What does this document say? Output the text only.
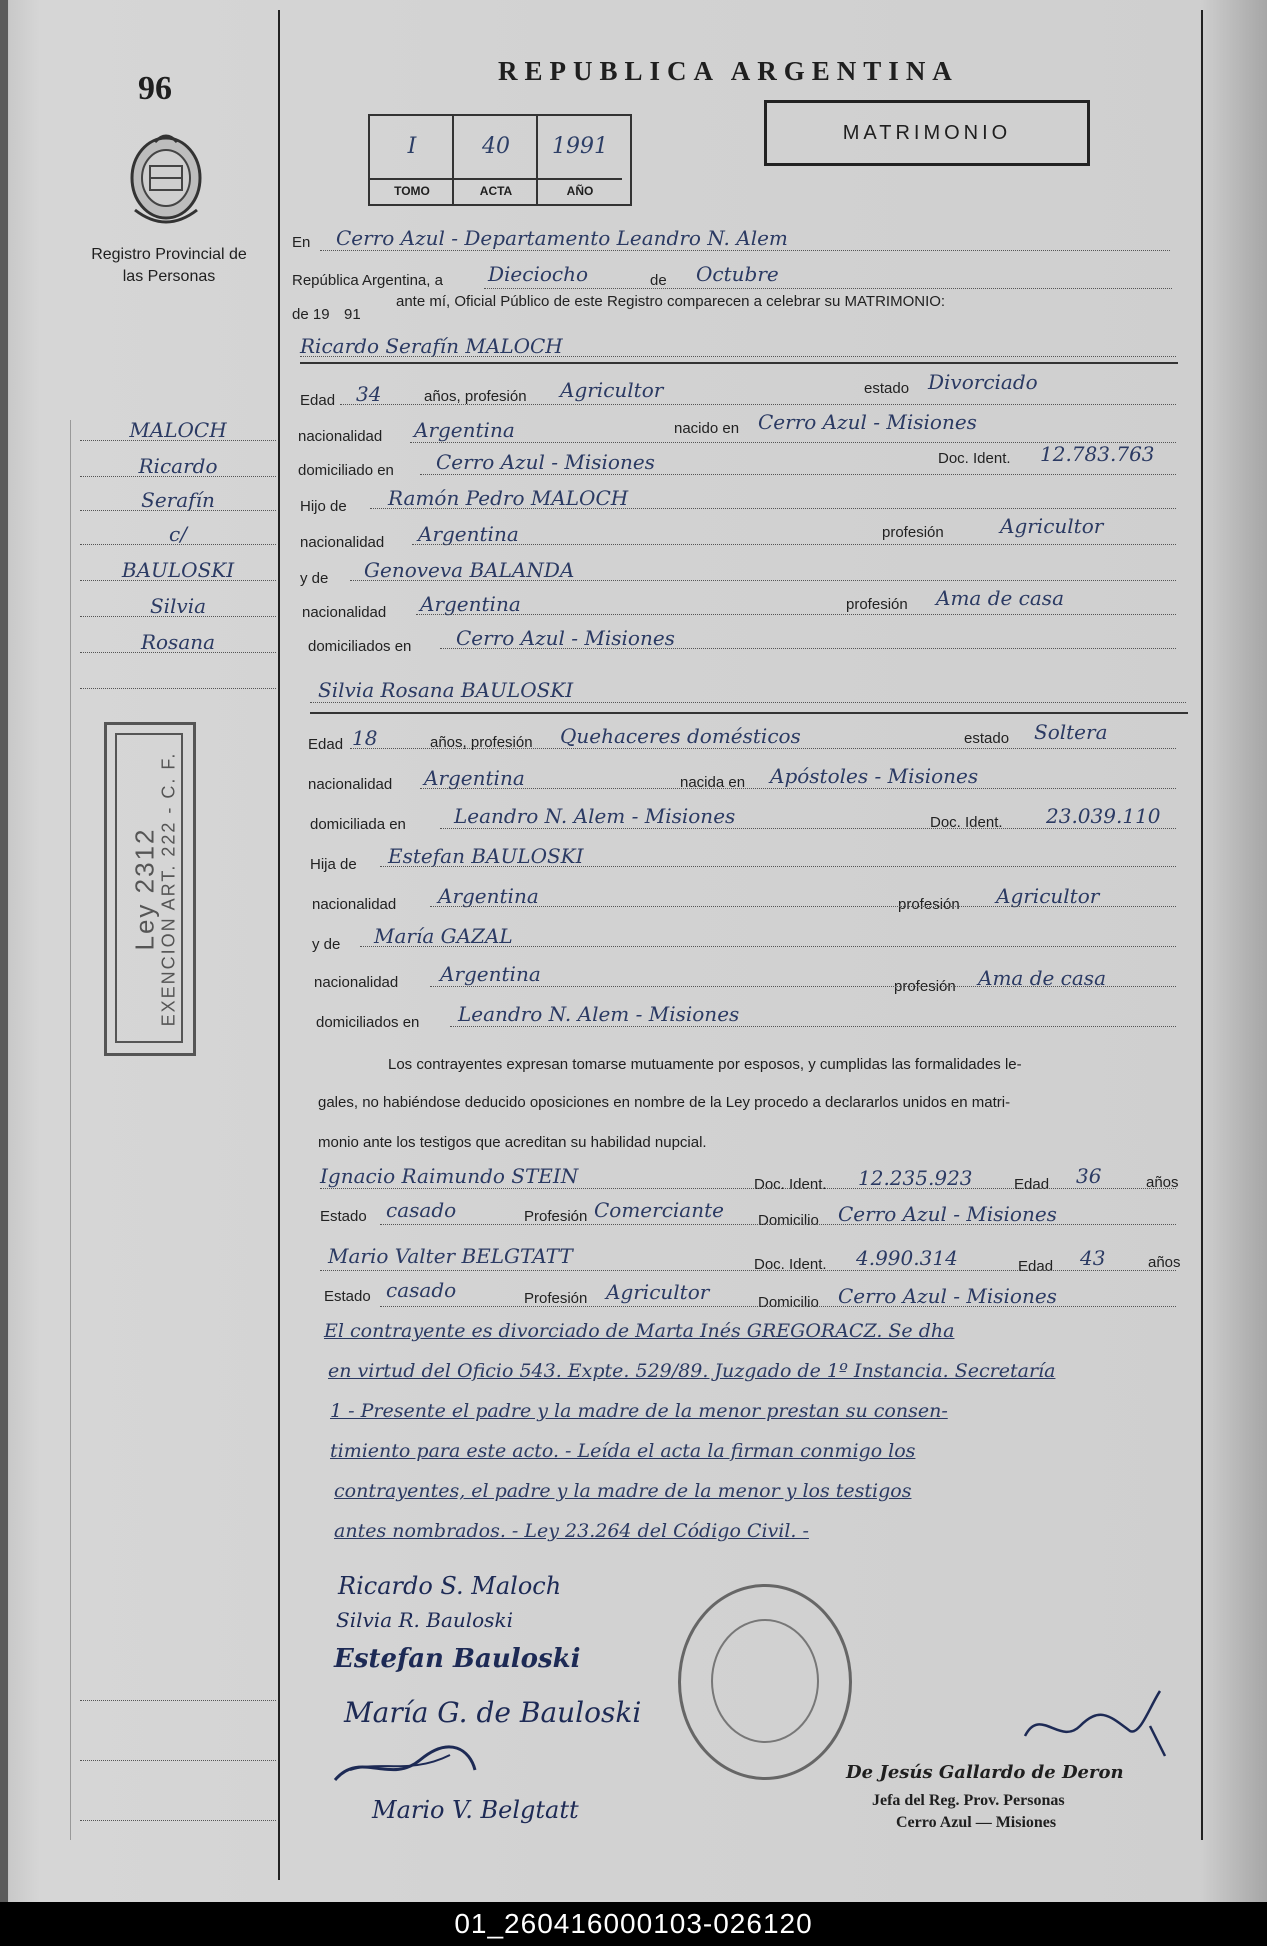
96
Registro Provincial de las Personas
MALOCH
Ricardo
Serafín
c/
BAULOSKI
Silvia
Rosana
Ley 2312 EXENCION ART. 222 - C. F.
REPUBLICA ARGENTINA
MATRIMONIO
I	40	1991
TOMO	ACTA	AÑO
En Cerro Azul - Departamento Leandro N. Alem
República Argentina, a Dieciocho	de Octubre
de 19 91
ante mí, Oficial Público de este Registro comparecen a celebrar su MATRIMONIO:
Ricardo Serafín MALOCH
Edad 34	años, profesión Agricultor	estado Divorciado
nacionalidad Argentina	nacido en Cerro Azul - Misiones
domiciliado en Cerro Azul - Misiones	Doc. Ident. 12.783.763
Hijo de Ramón Pedro MALOCH
nacionalidad Argentina	profesión	Agricultor
y de Genoveva BALANDA
nacionalidad Argentina	profesión Ama de casa
domiciliados en Cerro Azul - Misiones
Silvia Rosana BAULOSKI
Edad 18	años, profesión Quehaceres domésticos	estado Soltera
nacionalidad Argentina	nacida en Apóstoles - Misiones
domiciliada en Leandro N. Alem - Misiones	Doc. Ident. 23.039.110
Hija de Estefan BAULOSKI
nacionalidad Argentina	profesión Agricultor
y de María GAZAL
nacionalidad Argentina
profesión Ama de casa
domiciliados en Leandro N. Alem - Misiones
Los contrayentes expresan tomarse mutuamente por esposos, y cumplidas las formalidades le-
gales, no habiéndose deducido oposiciones en nombre de la Ley procedo a declararlos unidos en matri-
monio ante los testigos que acreditan su habilidad nupcial.
Ignacio Raimundo STEIN	Doc. Ident. 12.235.923	Edad 36	años
Estado casado	Profesión Comerciante Domicilio Cerro Azul - Misiones
Mario Valter BELGTATT	Doc. Ident. 4.990.314	Edad 43	años
Estado casado	Profesión Agricultor	Domicilio Cerro Azul - Misiones
El contrayente es divorciado de Marta Inés GREGORACZ. Se dha
en virtud del Oficio 543. Expte. 529/89. Juzgado de 1º Instancia. Secretaría
1 - Presente el padre y la madre de la menor prestan su consen-
timiento para este acto. - Leída el acta la firman conmigo los
contrayentes, el padre y la madre de la menor y los testigos
antes nombrados. - Ley 23.264 del Código Civil. -
Ricardo S. Maloch
Silvia R. Bauloski
Estefan Bauloski
María G. de Bauloski
Mario V. Belgtatt
De Jesús Gallardo de Deron
Jefa del Reg. Prov. Personas
Cerro Azul — Misiones
01_260416000103-026120
